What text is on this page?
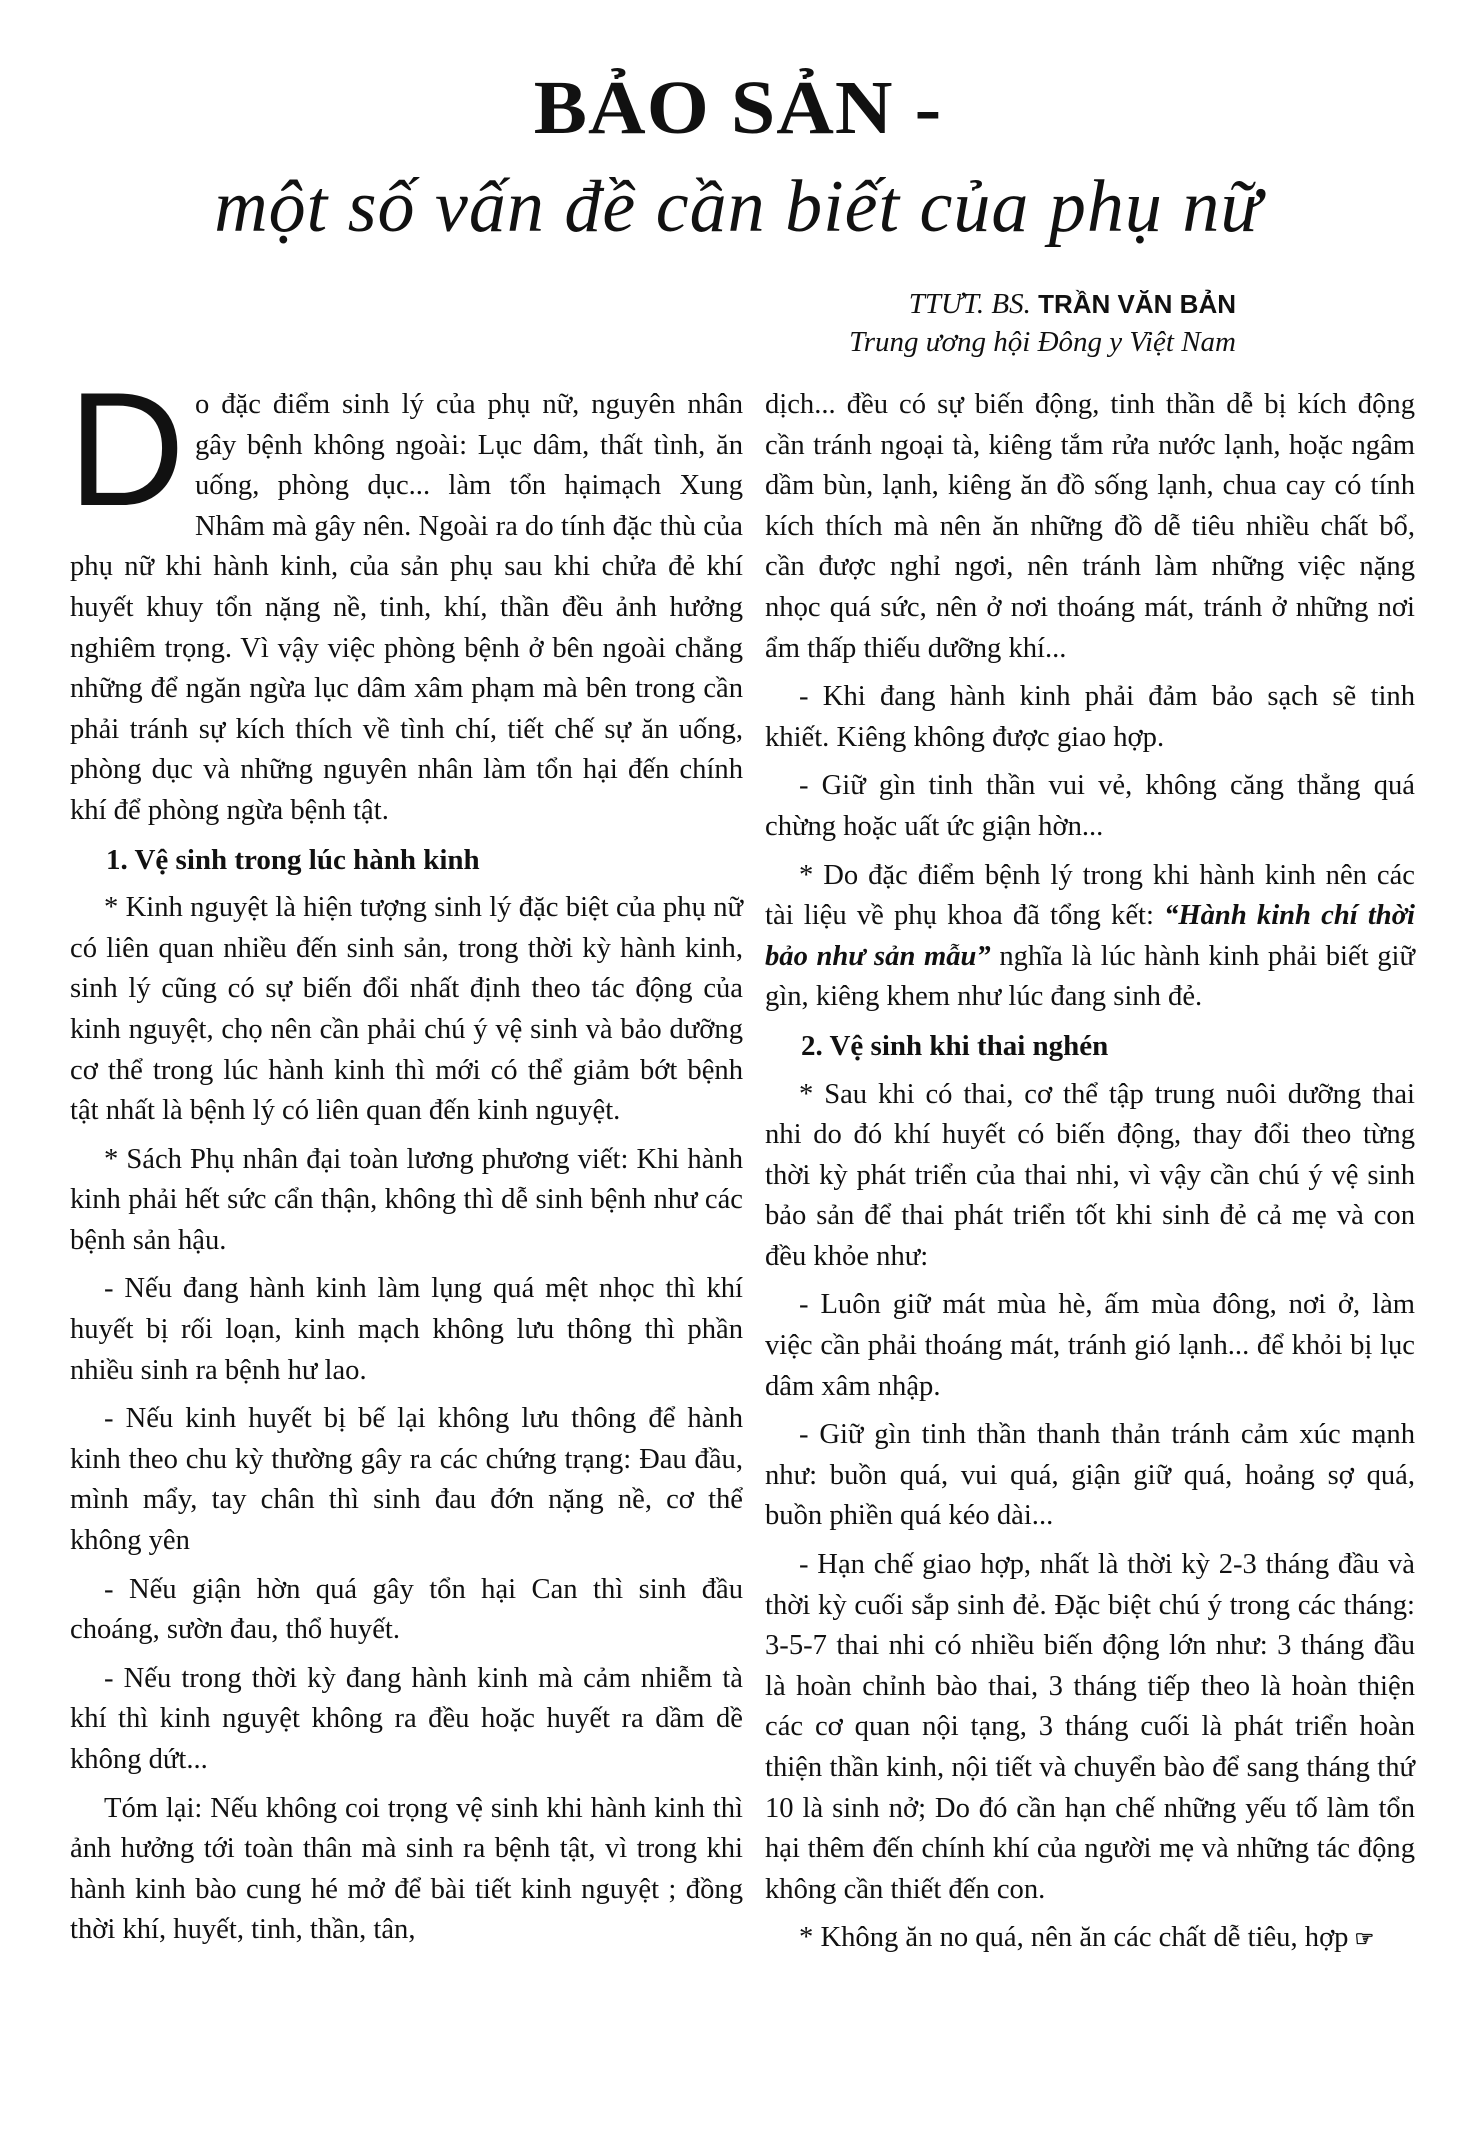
BẢO SẢN -
một số vấn đề cần biết của phụ nữ
TTƯT. BS. TRẦN VĂN BẢN
Trung ương hội Đông y Việt Nam

Do đặc điểm sinh lý của phụ nữ, nguyên nhân gây bệnh không ngoài: Lục dâm, thất tình, ăn uống, phòng dục... làm tổn hạimạch Xung Nhâm mà gây nên. Ngoài ra do tính đặc thù của phụ nữ khi hành kinh, của sản phụ sau khi chửa đẻ khí huyết khuy tổn nặng nề, tinh, khí, thần đều ảnh hưởng nghiêm trọng. Vì vậy việc phòng bệnh ở bên ngoài chẳng những để ngăn ngừa lục dâm xâm phạm mà bên trong cần phải tránh sự kích thích về tình chí, tiết chế sự ăn uống, phòng dục và những nguyên nhân làm tổn hại đến chính khí để phòng ngừa bệnh tật.

1. Vệ sinh trong lúc hành kinh

* Kinh nguyệt là hiện tượng sinh lý đặc biệt của phụ nữ có liên quan nhiều đến sinh sản, trong thời kỳ hành kinh, sinh lý cũng có sự biến đổi nhất định theo tác động của kinh nguyệt, chọ nên cần phải chú ý vệ sinh và bảo dưỡng cơ thể trong lúc hành kinh thì mới có thể giảm bớt bệnh tật nhất là bệnh lý có liên quan đến kinh nguyệt.

* Sách Phụ nhân đại toàn lương phương viết: Khi hành kinh phải hết sức cẩn thận, không thì dễ sinh bệnh như các bệnh sản hậu.

- Nếu đang hành kinh làm lụng quá mệt nhọc thì khí huyết bị rối loạn, kinh mạch không lưu thông thì phần nhiều sinh ra bệnh hư lao.

- Nếu kinh huyết bị bế lại không lưu thông để hành kinh theo chu kỳ thường gây ra các chứng trạng: Đau đầu, mình mẩy, tay chân thì sinh đau đớn nặng nề, cơ thể không yên

- Nếu giận hờn quá gây tổn hại Can thì sinh đầu choáng, sườn đau, thổ huyết.

- Nếu trong thời kỳ đang hành kinh mà cảm nhiễm tà khí thì kinh nguyệt không ra đều hoặc huyết ra dầm dề không dứt...

Tóm lại: Nếu không coi trọng vệ sinh khi hành kinh thì ảnh hưởng tới toàn thân mà sinh ra bệnh tật, vì trong khi hành kinh bào cung hé mở để bài tiết kinh nguyệt ; đồng thời khí, huyết, tinh, thần, tân,

dịch... đều có sự biến động, tinh thần dễ bị kích động cần tránh ngoại tà, kiêng tắm rửa nước lạnh, hoặc ngâm dầm bùn, lạnh, kiêng ăn đồ sống lạnh, chua cay có tính kích thích mà nên ăn những đồ dễ tiêu nhiều chất bổ, cần được nghỉ ngơi, nên tránh làm những việc nặng nhọc quá sức, nên ở nơi thoáng mát, tránh ở những nơi ẩm thấp thiếu dưỡng khí...

- Khi đang hành kinh phải đảm bảo sạch sẽ tinh khiết. Kiêng không được giao hợp.

- Giữ gìn tinh thần vui vẻ, không căng thẳng quá chừng hoặc uất ức giận hờn...

* Do đặc điểm bệnh lý trong khi hành kinh nên các tài liệu về phụ khoa đã tổng kết: “Hành kinh chí thời bảo như sản mẫu” nghĩa là lúc hành kinh phải biết giữ gìn, kiêng khem như lúc đang sinh đẻ.

2. Vệ sinh khi thai nghén

* Sau khi có thai, cơ thể tập trung nuôi dưỡng thai nhi do đó khí huyết có biến động, thay đổi theo từng thời kỳ phát triển của thai nhi, vì vậy cần chú ý vệ sinh bảo sản để thai phát triển tốt khi sinh đẻ cả mẹ và con đều khỏe như:

- Luôn giữ mát mùa hè, ấm mùa đông, nơi ở, làm việc cần phải thoáng mát, tránh gió lạnh... để khỏi bị lục dâm xâm nhập.

- Giữ gìn tinh thần thanh thản tránh cảm xúc mạnh như: buồn quá, vui quá, giận giữ quá, hoảng sợ quá, buồn phiền quá kéo dài...

- Hạn chế giao hợp, nhất là thời kỳ 2-3 tháng đầu và thời kỳ cuối sắp sinh đẻ. Đặc biệt chú ý trong các tháng: 3-5-7 thai nhi có nhiều biến động lớn như: 3 tháng đầu là hoàn chỉnh bào thai, 3 tháng tiếp theo là hoàn thiện các cơ quan nội tạng, 3 tháng cuối là phát triển hoàn thiện thần kinh, nội tiết và chuyển bào để sang tháng thứ 10 là sinh nở; Do đó cần hạn chế những yếu tố làm tổn hại thêm đến chính khí của người mẹ và những tác động không cần thiết đến con.

* Không ăn no quá, nên ăn các chất dễ tiêu, hợp ☞
